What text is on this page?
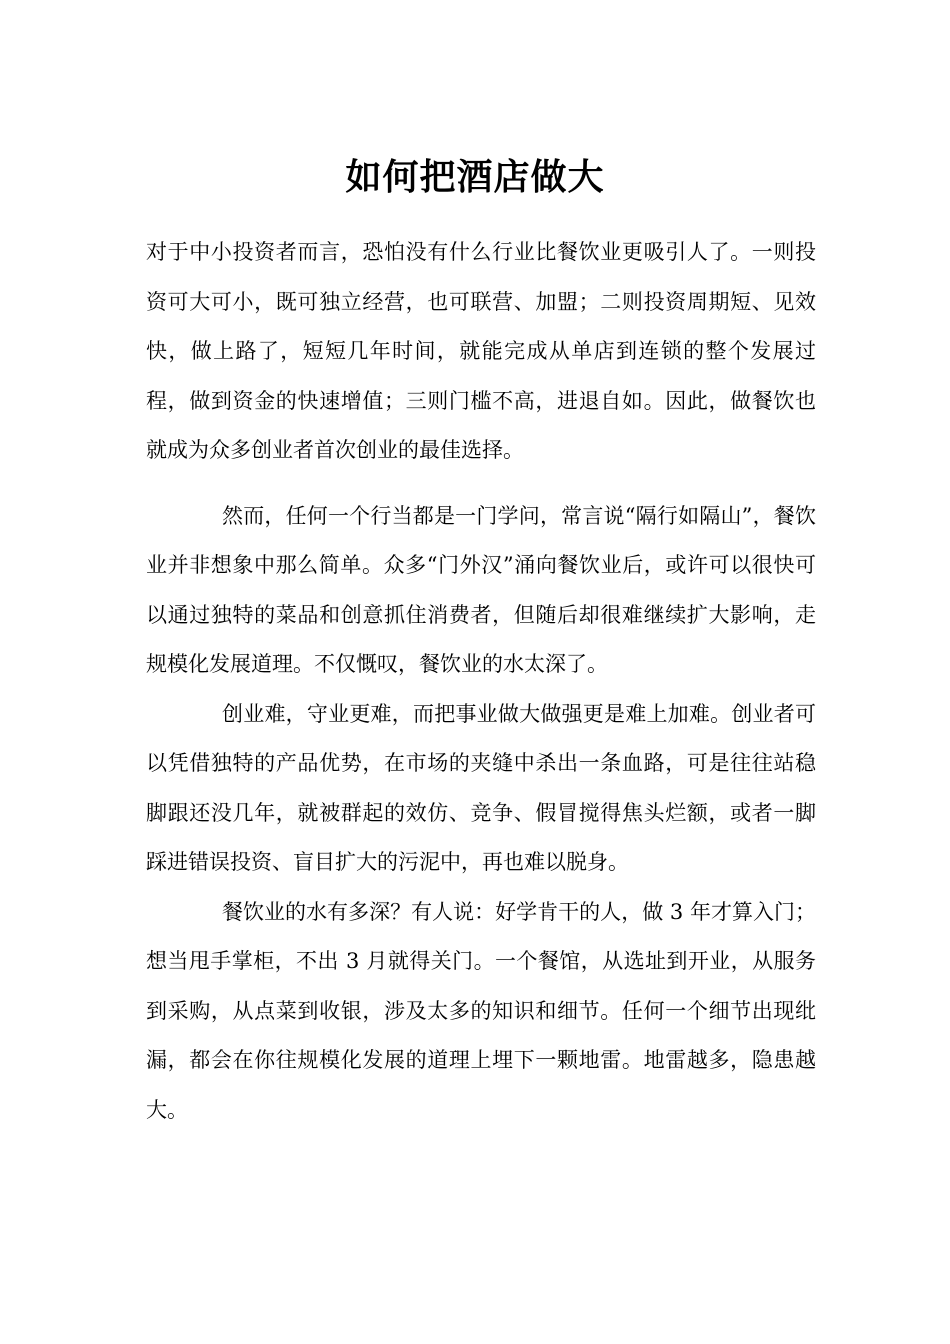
如何把酒店做大

对于中小投资者而言，恐怕没有什么行业比餐饮业更吸引人了。一则投资可大可小，既可独立经营，也可联营、加盟；二则投资周期短、见效快，做上路了，短短几年时间，就能完成从单店到连锁的整个发展过程，做到资金的快速增值；三则门槛不高，进退自如。因此，做餐饮也就成为众多创业者首次创业的最佳选择。

然而，任何一个行当都是一门学问，常言说“隔行如隔山”，餐饮业并非想象中那么简单。众多“门外汉”涌向餐饮业后，或许可以很快可以通过独特的菜品和创意抓住消费者，但随后却很难继续扩大影响，走规模化发展道理。不仅慨叹，餐饮业的水太深了。

创业难，守业更难，而把事业做大做强更是难上加难。创业者可以凭借独特的产品优势，在市场的夹缝中杀出一条血路，可是往往站稳脚跟还没几年，就被群起的效仿、竞争、假冒搅得焦头烂额，或者一脚踩进错误投资、盲目扩大的污泥中，再也难以脱身。

餐饮业的水有多深？有人说：好学肯干的人，做 3 年才算入门；想当甩手掌柜，不出 3 月就得关门。一个餐馆，从选址到开业，从服务到采购，从点菜到收银，涉及太多的知识和细节。任何一个细节出现纰漏，都会在你往规模化发展的道理上埋下一颗地雷。地雷越多，隐患越大。
